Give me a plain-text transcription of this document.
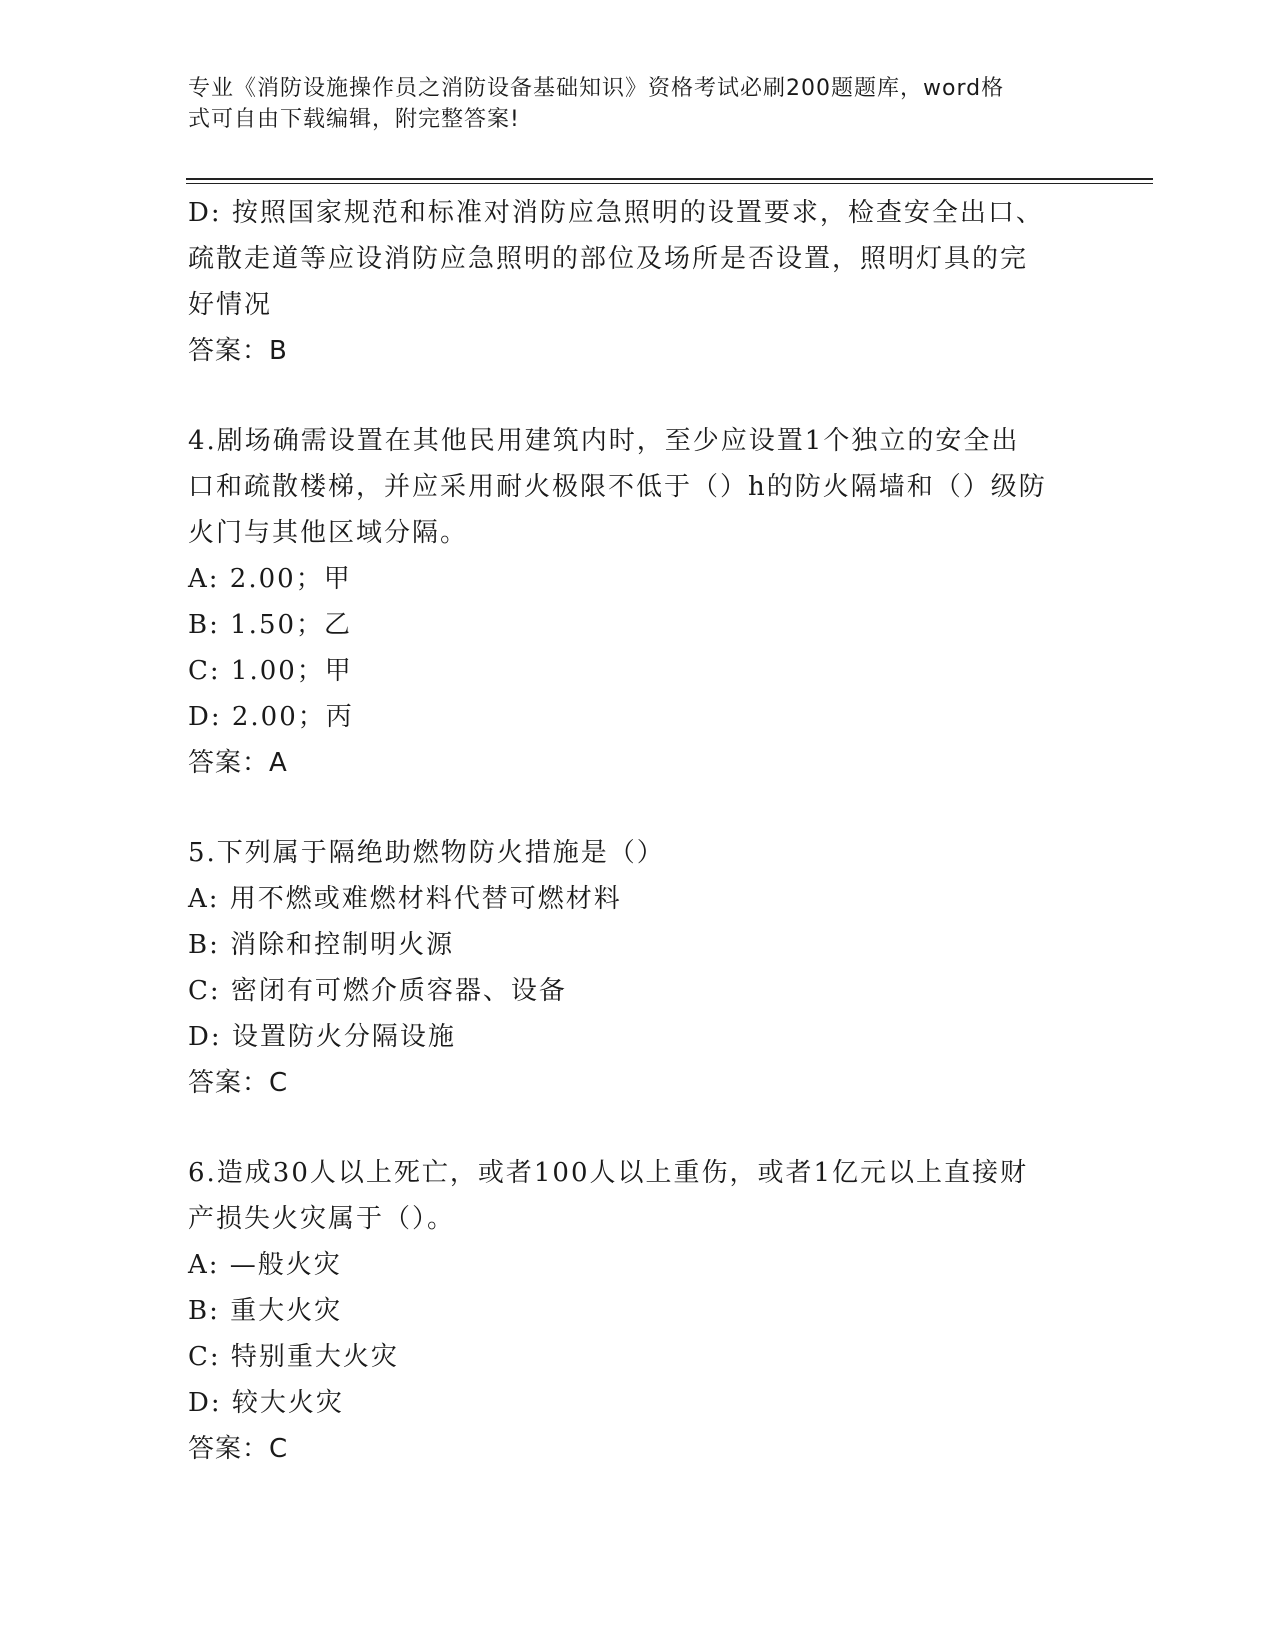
专业《消防设施操作员之消防设备基础知识》资格考试必刷200题题库，word格
式可自由下载编辑，附完整答案!
D: 按照国家规范和标准对消防应急照明的设置要求，检查安全出口、
疏散走道等应设消防应急照明的部位及场所是否设置，照明灯具的完
好情况
答案：B
4.剧场确需设置在其他民用建筑内时，至少应设置1个独立的安全出
口和疏散楼梯，并应采用耐火极限不低于（）h的防火隔墙和（）级防
火门与其他区域分隔。
A: 2.00；甲
B: 1.50；乙
C: 1.00；甲
D: 2.00；丙
答案：A
5.下列属于隔绝助燃物防火措施是（）
A: 用不燃或难燃材料代替可燃材料
B: 消除和控制明火源
C: 密闭有可燃介质容器、设备
D: 设置防火分隔设施
答案：C
6.造成30人以上死亡，或者100人以上重伤，或者1亿元以上直接财
产损失火灾属于（）。
A: —般火灾
B: 重大火灾
C: 特别重大火灾
D: 较大火灾
答案：C
